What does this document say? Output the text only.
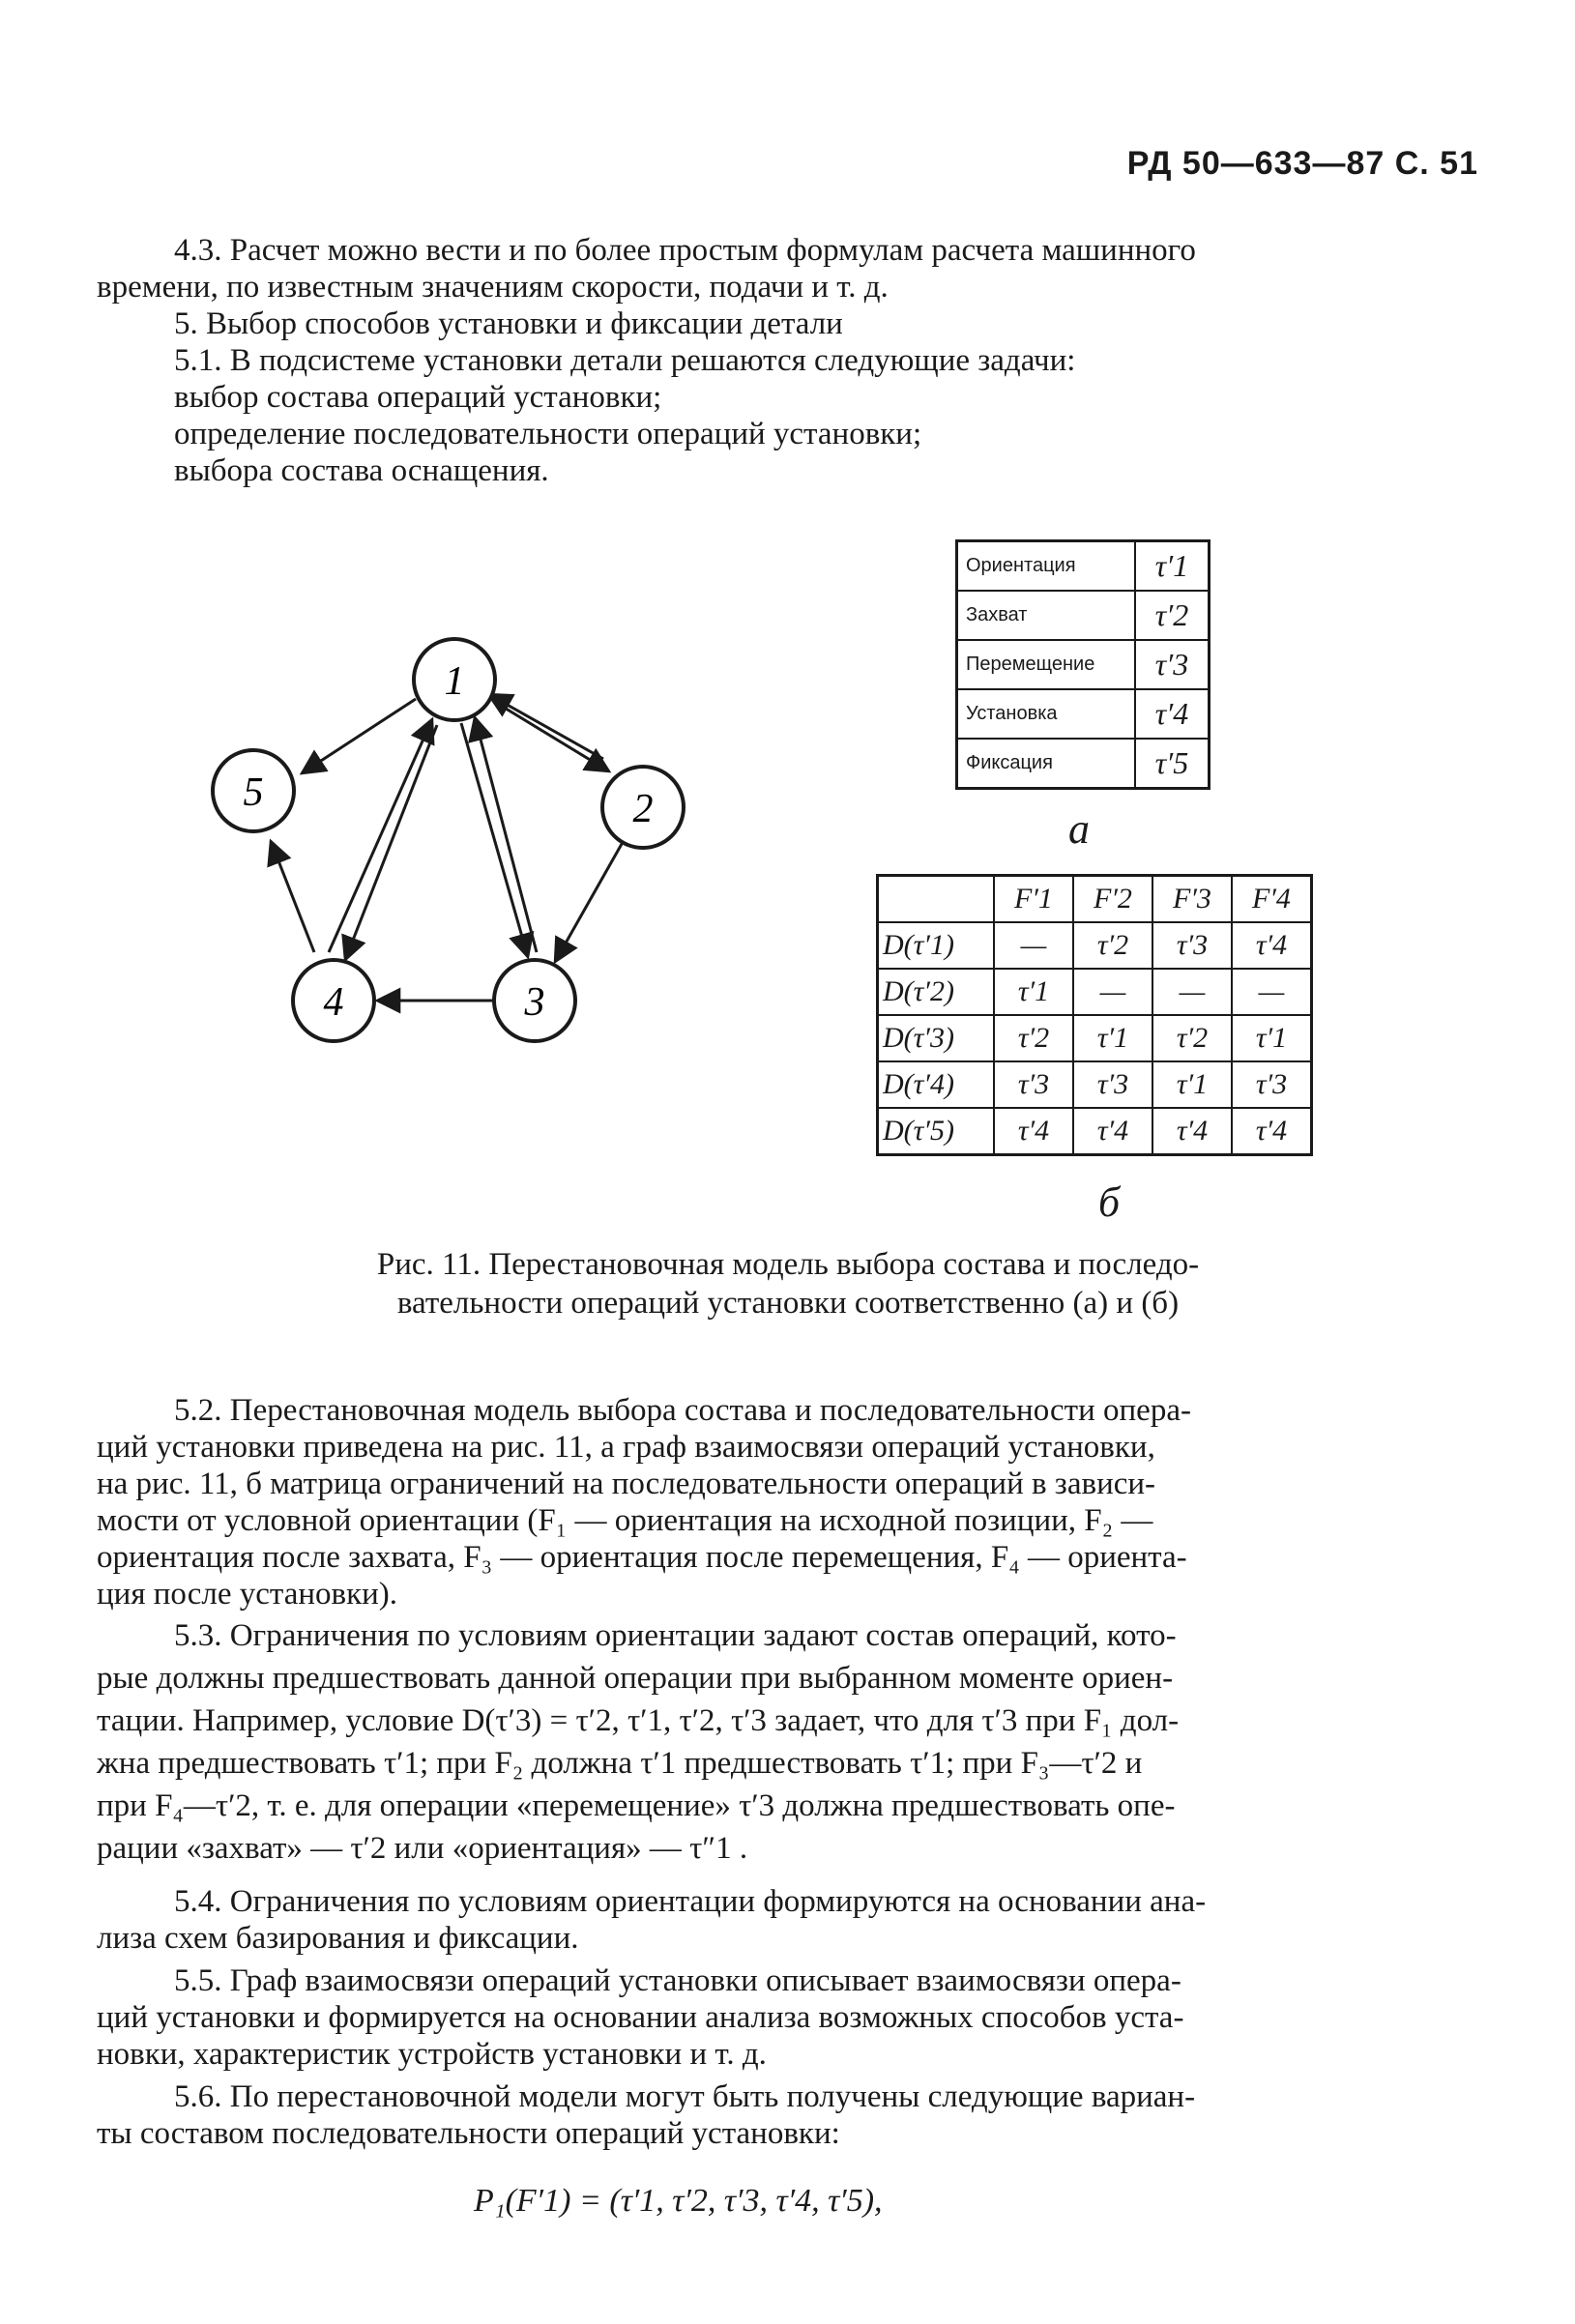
РД 50—633—87 С. 51
4.3. Расчет можно вести и по более простым формулам расчета машинного
времени, по известным значениям скорости, подачи и т. д.
5. Выбор способов установки и фиксации детали
5.1. В подсистеме установки детали решаются следующие задачи:
выбор состава операций установки;
определение последовательности операций установки;
выбора состава оснащения.
1
2
3
4
5
Ориентация	τ′1
Захват	τ′2
Перемещение	τ′3
Установка	τ′4
Фиксация	τ′5
а
	F′1	F′2	F′3	F′4
D(τ′1)	—	τ′2	τ′3	τ′4
D(τ′2)	τ′1	—	—	—
D(τ′3)	τ′2	τ′1	τ′2	τ′1
D(τ′4)	τ′3	τ′3	τ′1	τ′3
D(τ′5)	τ′4	τ′4	τ′4	τ′4
б
Рис. 11. Перестановочная модель выбора состава и последо-
вательности операций установки соответственно (а) и (б)
5.2. Перестановочная модель выбора состава и последовательности опера-
ций установки приведена на рис. 11, а граф взаимосвязи операций установки,
на рис. 11, б матрица ограничений на последовательности операций в зависи-
мости от условной ориентации (F₁ — ориентация на исходной позиции, F₂ —
ориентация после захвата, F₃ — ориентация после перемещения, F₄ — ориента-
ция после установки).
5.3. Ограничения по условиям ориентации задают состав операций, кото-
рые должны предшествовать данной операции при выбранном моменте ориен-
тации. Например, условие D(τ′3) = τ′2, τ′1, τ′2, τ′3 задает, что для τ′3 при F₁ дол-
жна предшествовать τ′1; при F₂ должна τ′1 предшествовать τ′1; при F₃—τ′2 и
при F₄—τ′2, т. е. для операции «перемещение» τ′3 должна предшествовать опе-
рации «захват» — τ′2 или «ориентация» — τ″1 .
5.4. Ограничения по условиям ориентации формируются на основании ана-
лиза схем базирования и фиксации.
5.5. Граф взаимосвязи операций установки описывает взаимосвязи опера-
ций установки и формируется на основании анализа возможных способов уста-
новки, характеристик устройств установки и т. д.
5.6. По перестановочной модели могут быть получены следующие вариан-
ты составом последовательности операций установки:
P₁(F′1) = (τ′1, τ′2, τ′3, τ′4, τ′5),
